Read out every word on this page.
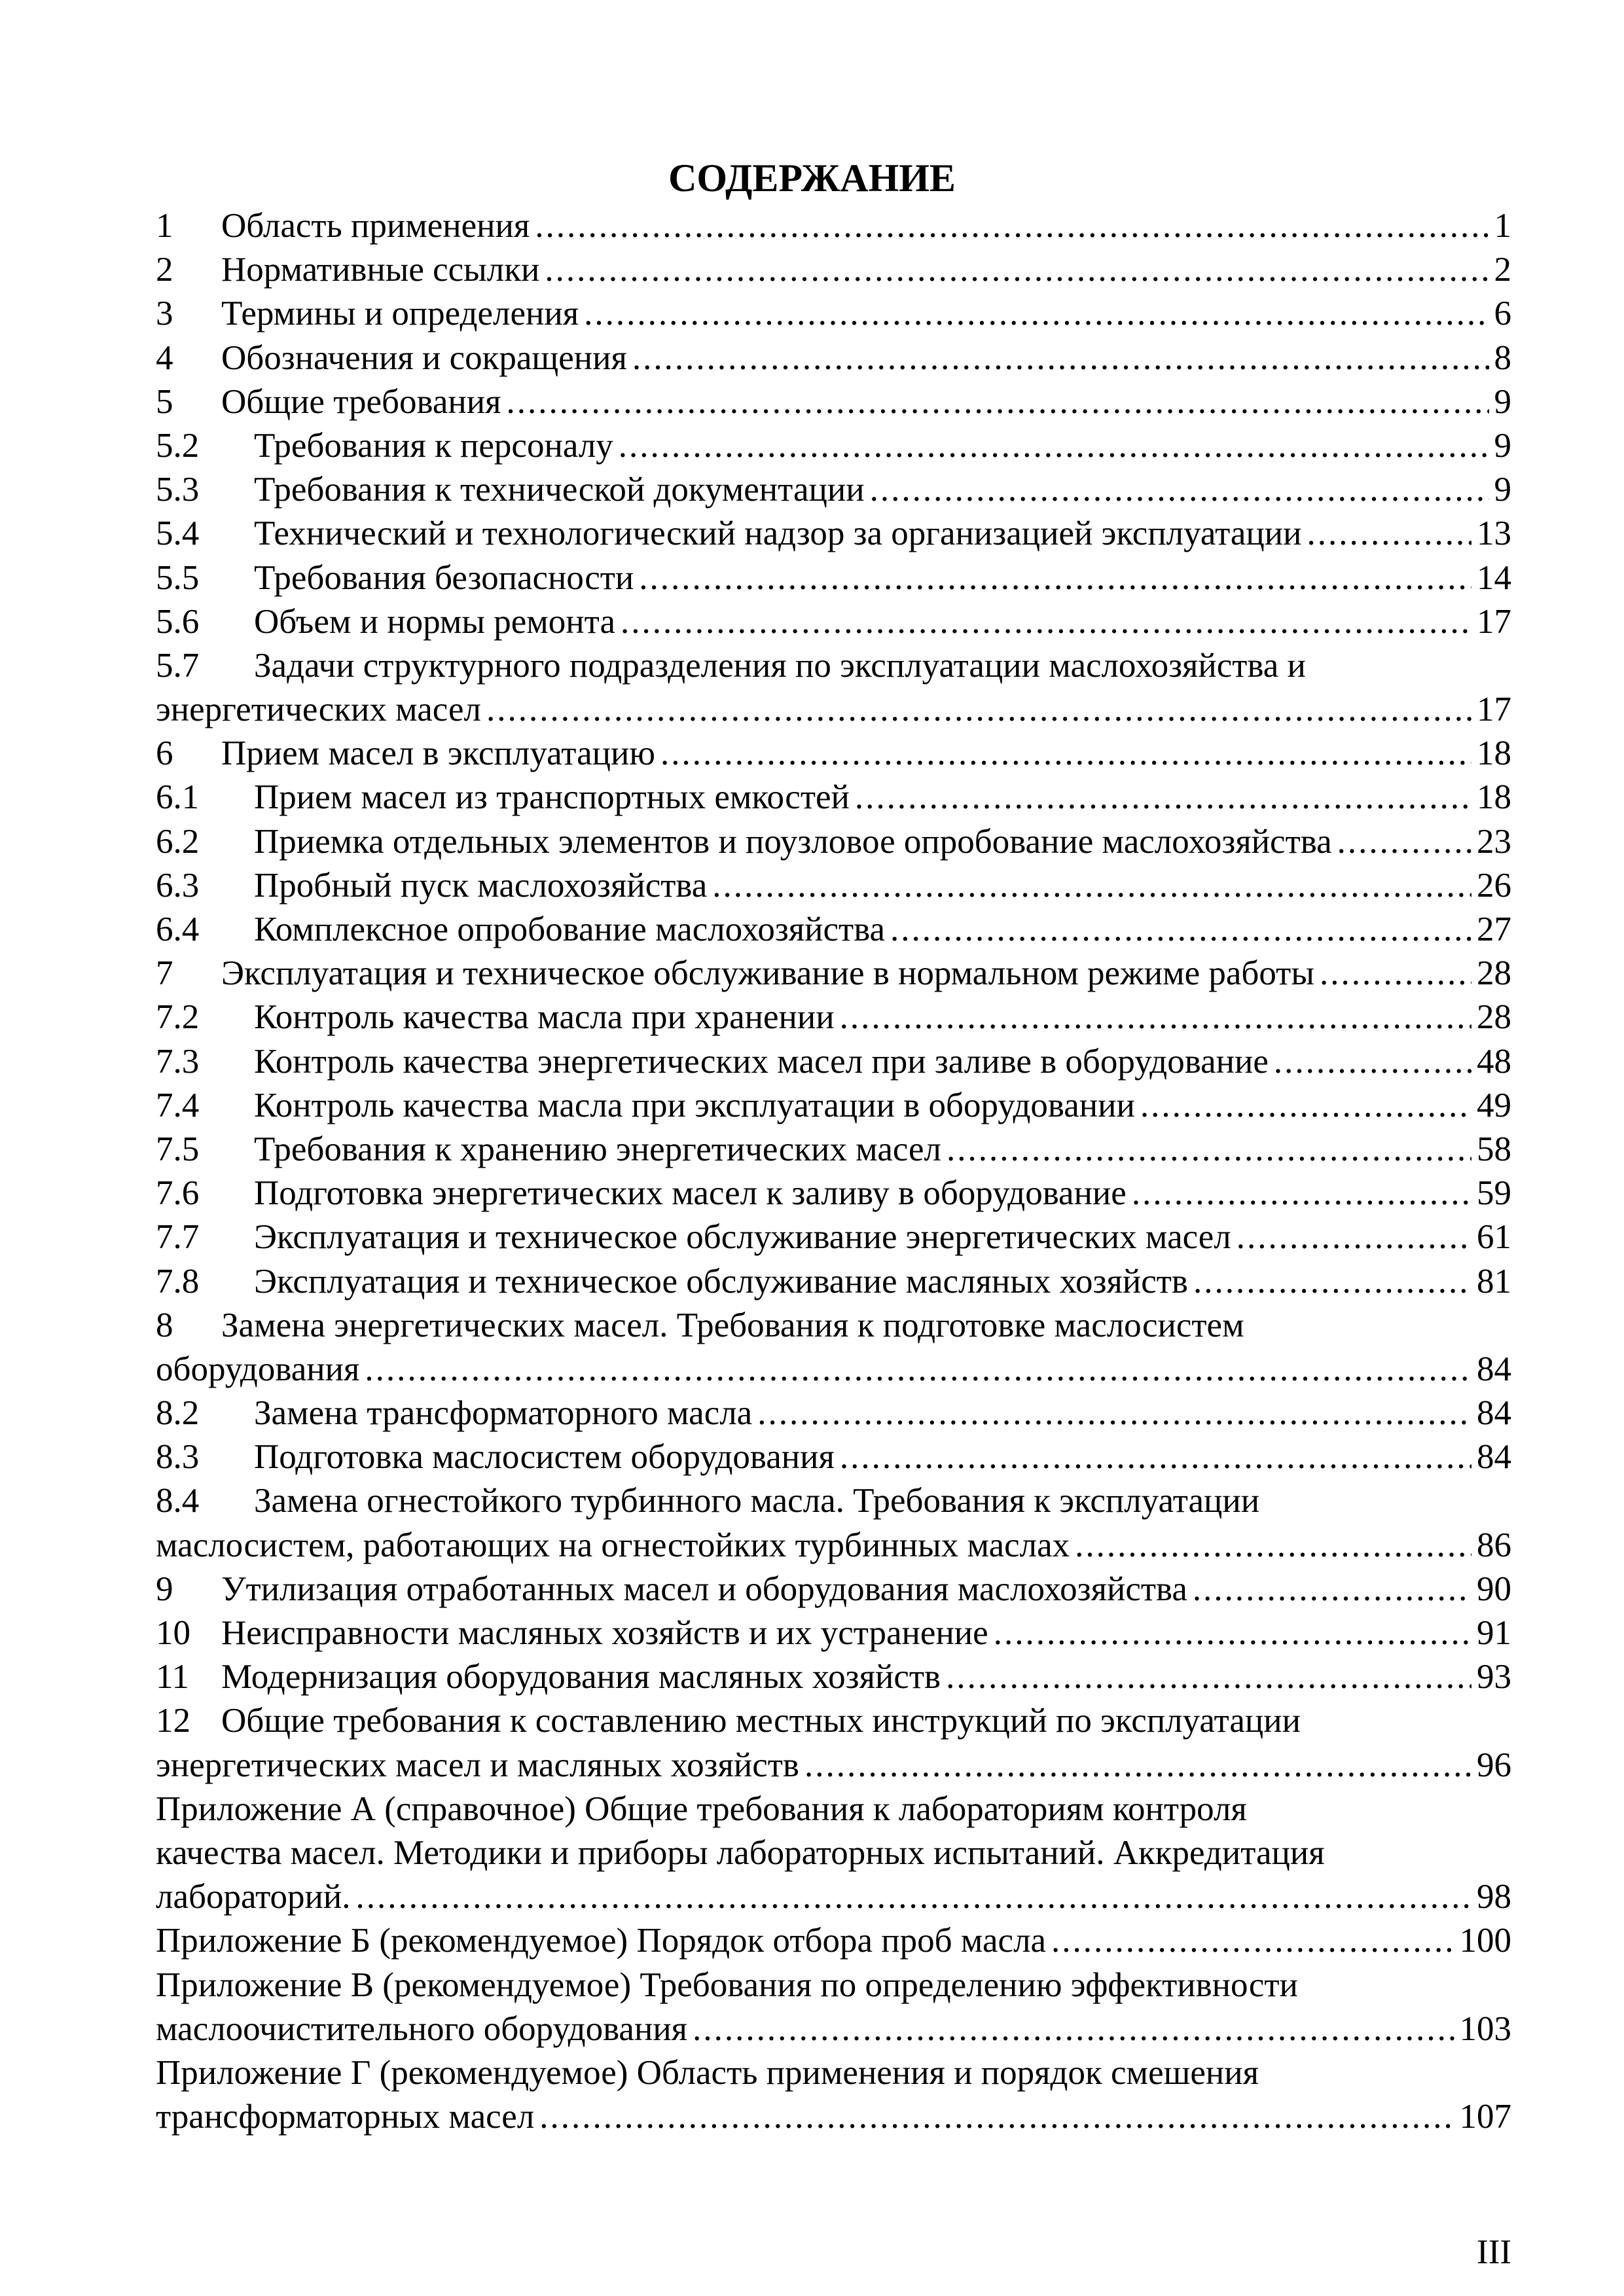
СОДЕРЖАНИЕ
1	Область применения .....	1
2	Нормативные ссылки .....	2
3	Термины и определения .....	6
4	Обозначения и сокращения .....	8
5	Общие требования .....	9
5.2	Требования к персоналу .....	9
5.3	Требования к технической документации .....	9
5.4	Технический и технологический надзор за организацией эксплуатации .....	13
5.5	Требования безопасности .....	14
5.6	Объем и нормы ремонта .....	17
5.7	Задачи структурного подразделения по эксплуатации маслохозяйства и
энергетических масел .....	17
6	Прием масел в эксплуатацию .....	18
6.1	Прием масел из транспортных емкостей .....	18
6.2	Приемка отдельных элементов и поузловое опробование маслохозяйства .....	23
6.3	Пробный пуск маслохозяйства .....	26
6.4	Комплексное опробование маслохозяйства .....	27
7	Эксплуатация и техническое обслуживание в нормальном режиме работы .....	28
7.2	Контроль качества масла при хранении .....	28
7.3	Контроль качества энергетических масел при заливе в оборудование .....	48
7.4	Контроль качества масла при эксплуатации в оборудовании .....	49
7.5	Требования к хранению энергетических масел .....	58
7.6	Подготовка энергетических масел к заливу в оборудование .....	59
7.7	Эксплуатация и техническое обслуживание энергетических масел .....	61
7.8	Эксплуатация и техническое обслуживание масляных хозяйств .....	81
8	Замена энергетических масел. Требования к подготовке маслосистем
оборудования .....	84
8.2	Замена трансформаторного масла .....	84
8.3	Подготовка маслосистем оборудования .....	84
8.4	Замена огнестойкого турбинного масла. Требования к эксплуатации
маслосистем, работающих на огнестойких турбинных маслах .....	86
9	Утилизация отработанных масел и оборудования маслохозяйства .....	90
10 Неисправности масляных хозяйств и их устранение .....	91
11 Модернизация оборудования масляных хозяйств .....	93
12 Общие требования к составлению местных инструкций по эксплуатации
энергетических масел и масляных хозяйств .....	96
Приложение А (справочное) Общие требования к лабораториям контроля
качества масел. Методики и приборы лабораторных испытаний. Аккредитация
лабораторий. .....	98
Приложение Б (рекомендуемое) Порядок отбора проб масла .....	100
Приложение В (рекомендуемое) Требования по определению эффективности
маслоочистительного оборудования .....	103
Приложение Г (рекомендуемое) Область применения и порядок смешения
трансформаторных масел .....	107
III
